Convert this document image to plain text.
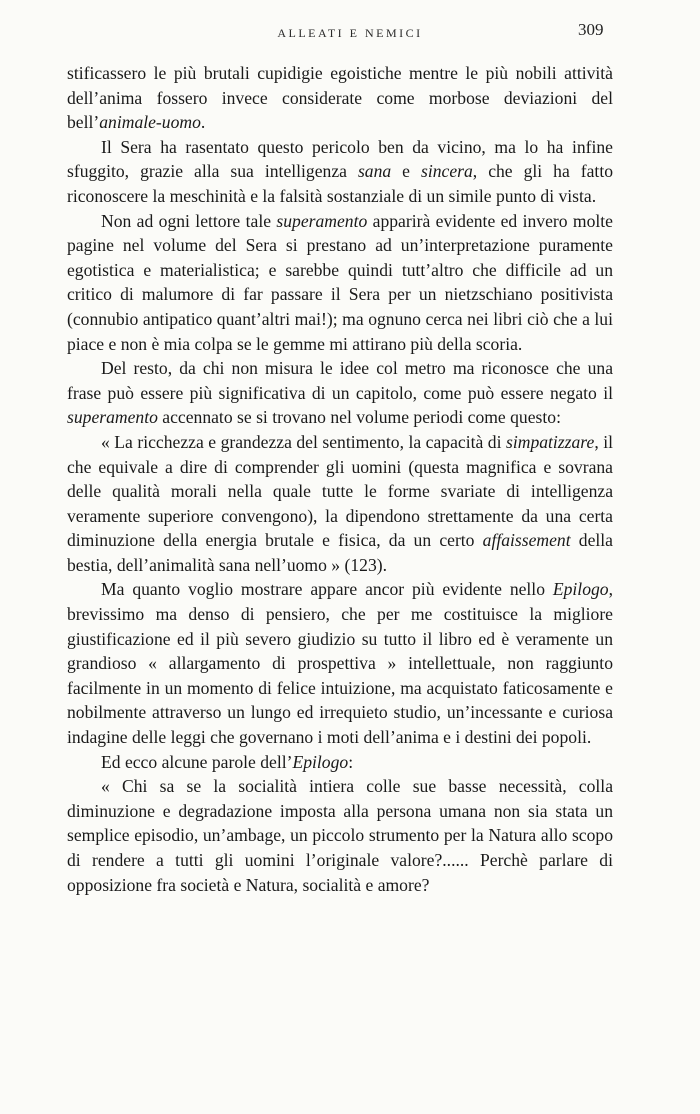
ALLEATI E NEMICI	309

stificassero le più brutali cupidigie egoistiche mentre le più nobili attività dell’anima fossero invece considerate come morbose deviazioni del bell’animale-uomo.

Il Sera ha rasentato questo pericolo ben da vicino, ma lo ha infine sfuggito, grazie alla sua intelligenza sana e sincera, che gli ha fatto riconoscere la meschinità e la falsità sostanziale di un simile punto di vista.

Non ad ogni lettore tale superamento apparirà evidente ed invero molte pagine nel volume del Sera si prestano ad un’interpretazione puramente egotistica e materialistica; e sarebbe quindi tutt’altro che difficile ad un critico di malumore di far passare il Sera per un nietzschiano positivista (connubio antipatico quant’altri mai!); ma ognuno cerca nei libri ciò che a lui piace e non è mia colpa se le gemme mi attirano più della scoria.

Del resto, da chi non misura le idee col metro ma riconosce che una frase può essere più significativa di un capitolo, come può essere negato il superamento accennato se si trovano nel volume periodi come questo:

« La ricchezza e grandezza del sentimento, la capacità di simpatizzare, il che equivale a dire di comprender gli uomini (questa magnifica e sovrana delle qualità morali nella quale tutte le forme svariate di intelligenza veramente superiore convengono), la dipendono strettamente da una certa diminuzione della energia brutale e fisica, da un certo affaissement della bestia, dell’animalità sana nell’uomo » (123).

Ma quanto voglio mostrare appare ancor più evidente nello Epilogo, brevissimo ma denso di pensiero, che per me costituisce la migliore giustificazione ed il più severo giudizio su tutto il libro ed è veramente un grandioso « allargamento di prospettiva » intellettuale, non raggiunto facilmente in un momento di felice intuizione, ma acquistato faticosamente e nobilmente attraverso un lungo ed irrequieto studio, un’incessante e curiosa indagine delle leggi che governano i moti dell’anima e i destini dei popoli.

Ed ecco alcune parole dell’Epilogo:

« Chi sa se la socialità intiera colle sue basse necessità, colla diminuzione e degradazione imposta alla persona umana non sia stata un semplice episodio, un’ambage, un piccolo strumento per la Natura allo scopo di rendere a tutti gli uomini l’originale valore?...... Perchè parlare di opposizione fra società e Natura, socialità e amore?
